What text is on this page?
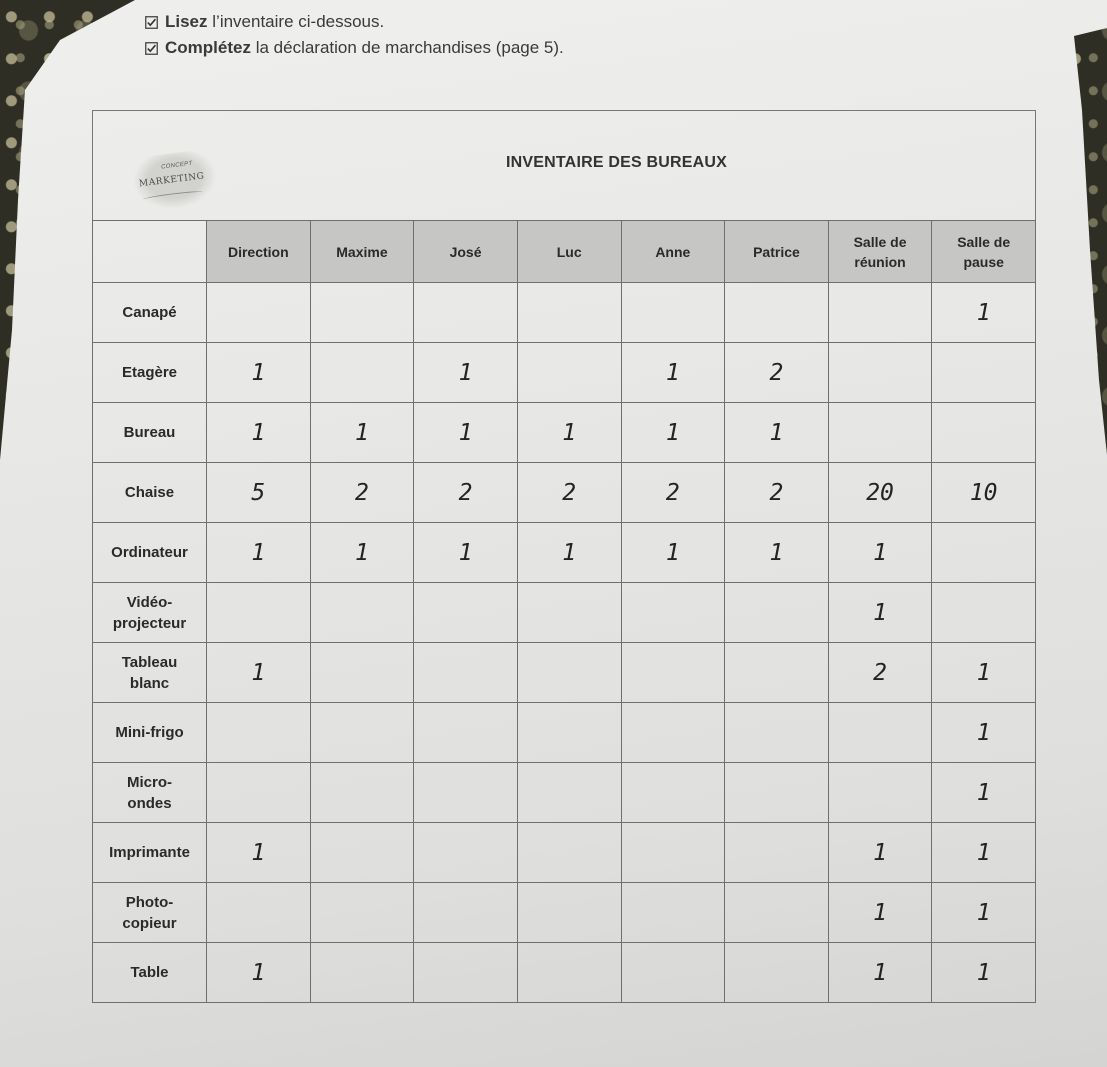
Lisez
l’inventaire ci-dessous.
Complétez
la déclaration de marchandises (page 5).
CONCEPT
MARKETING
INVENTAIRE DES BUREAUX
	Direction	Maxime	José	Luc	Anne	Patrice	Salle de réunion	Salle de pause
Canapé								1
Etagère	1		1		1	2		
Bureau	1	1	1	1	1	1		
Chaise	5	2	2	2	2	2	20	10
Ordinateur	1	1	1	1	1	1	1	
Vidéo-projecteur							1	
Tableau blanc	1						2	1
Mini-frigo								1
Micro-ondes								1
Imprimante	1						1	1
Photo-copieur							1	1
Table	1						1	1
